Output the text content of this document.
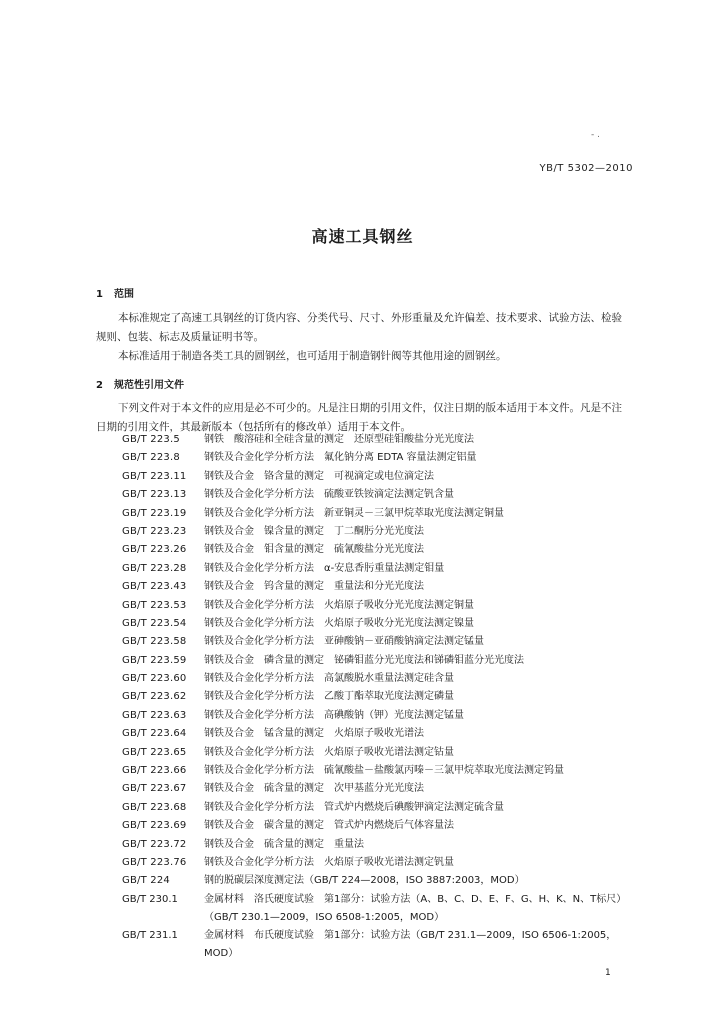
- .
YB/T 5302—2010
高速工具钢丝
1 范围
本标准规定了高速工具钢丝的订货内容、分类代号、尺寸、外形重量及允许偏差、技术要求、试验方法、检验规则、包装、标志及质量证明书等。
本标准适用于制造各类工具的圆钢丝，也可适用于制造钢针阀等其他用途的圆钢丝。
2 规范性引用文件
下列文件对于本文件的应用是必不可少的。凡是注日期的引用文件，仅注日期的版本适用于本文件。凡是不注日期的引用文件，其最新版本（包括所有的修改单）适用于本文件。
GB/T 223.5	钢铁　酸溶硅和全硅含量的测定　还原型硅钼酸盐分光光度法
GB/T 223.8	钢铁及合金化学分析方法　氟化钠分离 EDTA 容量法测定铝量
GB/T 223.11	钢铁及合金　铬含量的测定　可视滴定或电位滴定法
GB/T 223.13	钢铁及合金化学分析方法　硫酸亚铁铵滴定法测定钒含量
GB/T 223.19	钢铁及合金化学分析方法　新亚铜灵－三氯甲烷萃取光度法测定铜量
GB/T 223.23	钢铁及合金　镍含量的测定　丁二酮肟分光光度法
GB/T 223.26	钢铁及合金　钼含量的测定　硫氰酸盐分光光度法
GB/T 223.28	钢铁及合金化学分析方法　α-安息香肟重量法测定钼量
GB/T 223.43	钢铁及合金　钨含量的测定　重量法和分光光度法
GB/T 223.53	钢铁及合金化学分析方法　火焰原子吸收分光光度法测定铜量
GB/T 223.54	钢铁及合金化学分析方法　火焰原子吸收分光光度法测定镍量
GB/T 223.58	钢铁及合金化学分析方法　亚砷酸钠－亚硝酸钠滴定法测定锰量
GB/T 223.59	钢铁及合金　磷含量的测定　铋磷钼蓝分光光度法和锑磷钼蓝分光光度法
GB/T 223.60	钢铁及合金化学分析方法　高氯酸脱水重量法测定硅含量
GB/T 223.62	钢铁及合金化学分析方法　乙酸丁酯萃取光度法测定磷量
GB/T 223.63	钢铁及合金化学分析方法　高碘酸钠（钾）光度法测定锰量
GB/T 223.64	钢铁及合金　锰含量的测定　火焰原子吸收光谱法
GB/T 223.65	钢铁及合金化学分析方法　火焰原子吸收光谱法测定钴量
GB/T 223.66	钢铁及合金化学分析方法　硫氰酸盐－盐酸氯丙嗪－三氯甲烷萃取光度法测定钨量
GB/T 223.67	钢铁及合金　硫含量的测定　次甲基蓝分光光度法
GB/T 223.68	钢铁及合金化学分析方法　管式炉内燃烧后碘酸钾滴定法测定硫含量
GB/T 223.69	钢铁及合金　碳含量的测定　管式炉内燃烧后气体容量法
GB/T 223.72	钢铁及合金　硫含量的测定　重量法
GB/T 223.76	钢铁及合金化学分析方法　火焰原子吸收光谱法测定钒量
GB/T 224	钢的脱碳层深度测定法（GB/T 224—2008，ISO 3887:2003，MOD）
GB/T 230.1	金属材料　洛氏硬度试验　第1部分：试验方法（A、B、C、D、E、F、G、H、K、N、T标尺）（GB/T 230.1—2009，ISO 6508-1:2005，MOD）
GB/T 231.1	金属材料　布氏硬度试验　第1部分：试验方法（GB/T 231.1—2009，ISO 6506-1:2005，MOD）
1
